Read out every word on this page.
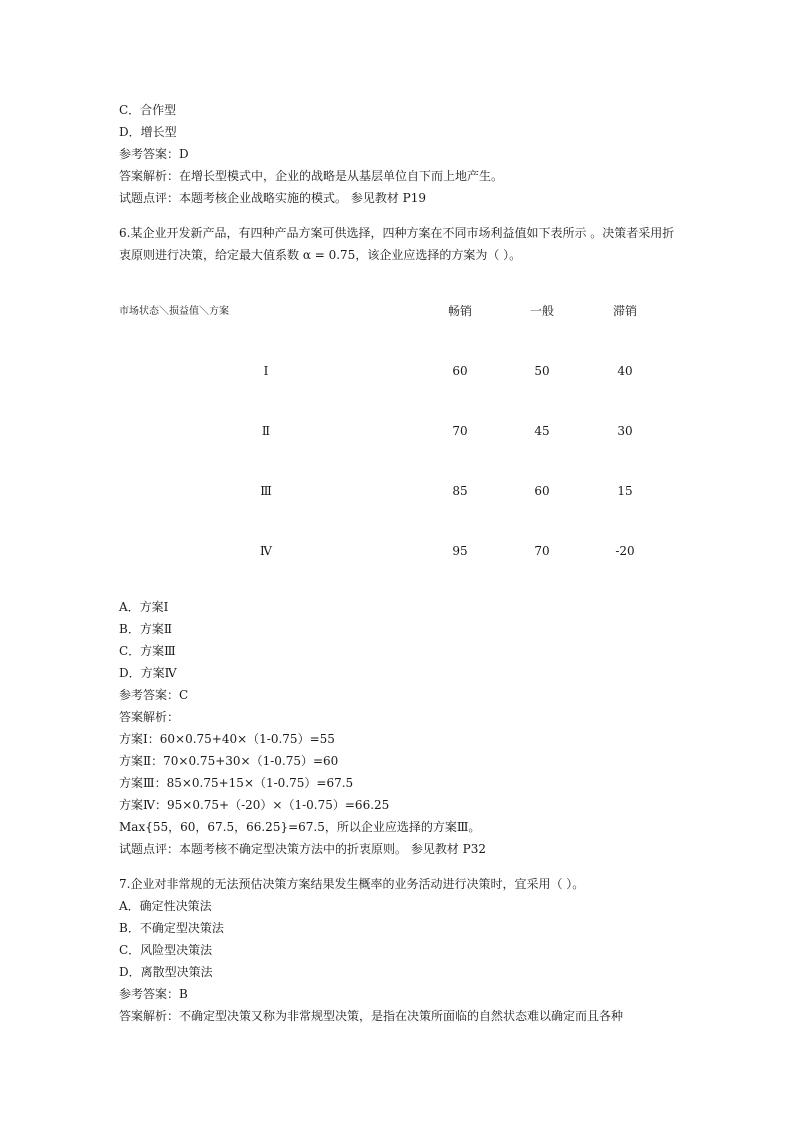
C．合作型
D．增长型
参考答案：D
答案解析：在增长型模式中，企业的战略是从基层单位自下而上地产生。
试题点评：本题考核企业战略实施的模式。 参见教材 P19
6.某企业开发新产品，有四种产品方案可供选择，四种方案在不同市场利益值如下表所示 。决策者采用折衷原则进行决策，给定最大值系数 α = 0.75，该企业应选择的方案为（ ）。
市场状态＼损益值＼方案	畅销	一般	滞销
Ⅰ	60	50	40
Ⅱ	70	45	30
Ⅲ	85	60	15
Ⅳ	95	70	-20
A．方案Ⅰ
B．方案Ⅱ
C．方案Ⅲ
D．方案Ⅳ
参考答案：C
答案解析：
方案Ⅰ：60×0.75+40×（1-0.75）=55
方案Ⅱ：70×0.75+30×（1-0.75）=60
方案Ⅲ：85×0.75+15×（1-0.75）=67.5
方案Ⅳ：95×0.75+（-20）×（1-0.75）=66.25
Max{55，60，67.5，66.25}=67.5，所以企业应选择的方案Ⅲ。
试题点评：本题考核不确定型决策方法中的折衷原则。 参见教材 P32
7.企业对非常规的无法预估决策方案结果发生概率的业务活动进行决策时，宜采用（ ）。
A．确定性决策法
B．不确定型决策法
C．风险型决策法
D．离散型决策法
参考答案：B
答案解析：不确定型决策又称为非常规型决策，是指在决策所面临的自然状态难以确定而且各种
